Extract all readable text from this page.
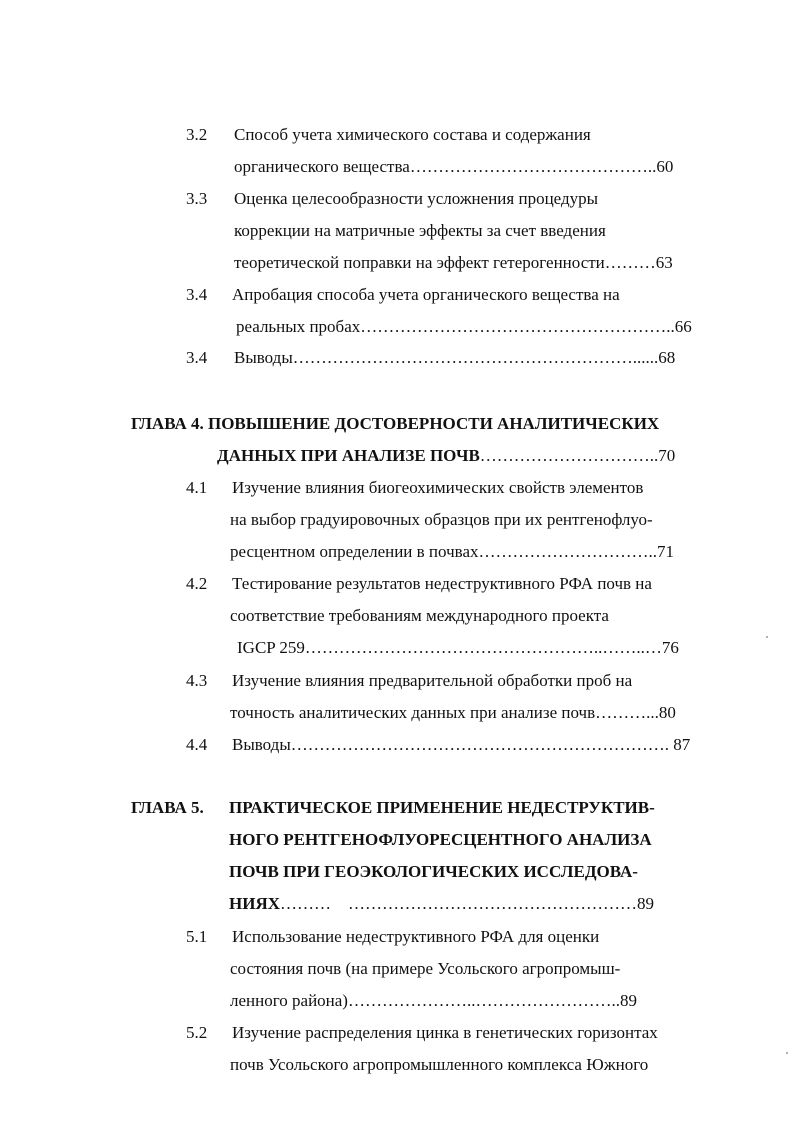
3.2 Способ учета химического состава и содержания
органического вещества……………………………………..60
3.3 Оценка целесообразности усложнения процедуры
коррекции на матричные эффекты за счет введения
теоретической поправки на эффект гетерогенности………63
3.4 Апробация способа учета органического вещества на
реальных пробах………………………………………………..66
3.4 Выводы……………………………………………………......68
ГЛАВА 4. ПОВЫШЕНИЕ ДОСТОВЕРНОСТИ АНАЛИТИЧЕСКИХ
ДАННЫХ ПРИ АНАЛИЗЕ ПОЧВ…………………………..70
4.1 Изучение влияния биогеохимических свойств элементов
на выбор градуировочных образцов при их рентгенофлуо-
ресцентном определении в почвах…………………………..71
4.2 Тестирование результатов недеструктивного РФА почв на
соответствие требованиям международного проекта
IGCP 259……………………………………………..……..…76
4.3 Изучение влияния предварительной обработки проб на
точность аналитических данных при анализе почв………...80
4.4 Выводы…………………………………………………………. 87
ГЛАВА 5. ПРАКТИЧЕСКОЕ ПРИМЕНЕНИЕ НЕДЕСТРУКТИВ-
НОГО РЕНТГЕНОФЛУОРЕСЦЕНТНОГО АНАЛИЗА
ПОЧВ ПРИ ГЕОЭКОЛОГИЧЕСКИХ ИССЛЕДОВА-
НИЯХ………    ……………………………………………89
5.1 Использование недеструктивного РФА для оценки
состояния почв (на примере Усольского агропромыш-
ленного района)…………………..……………………..89
5.2 Изучение распределения цинка в генетических горизонтах
почв Усольского агропромышленного комплекса Южного
